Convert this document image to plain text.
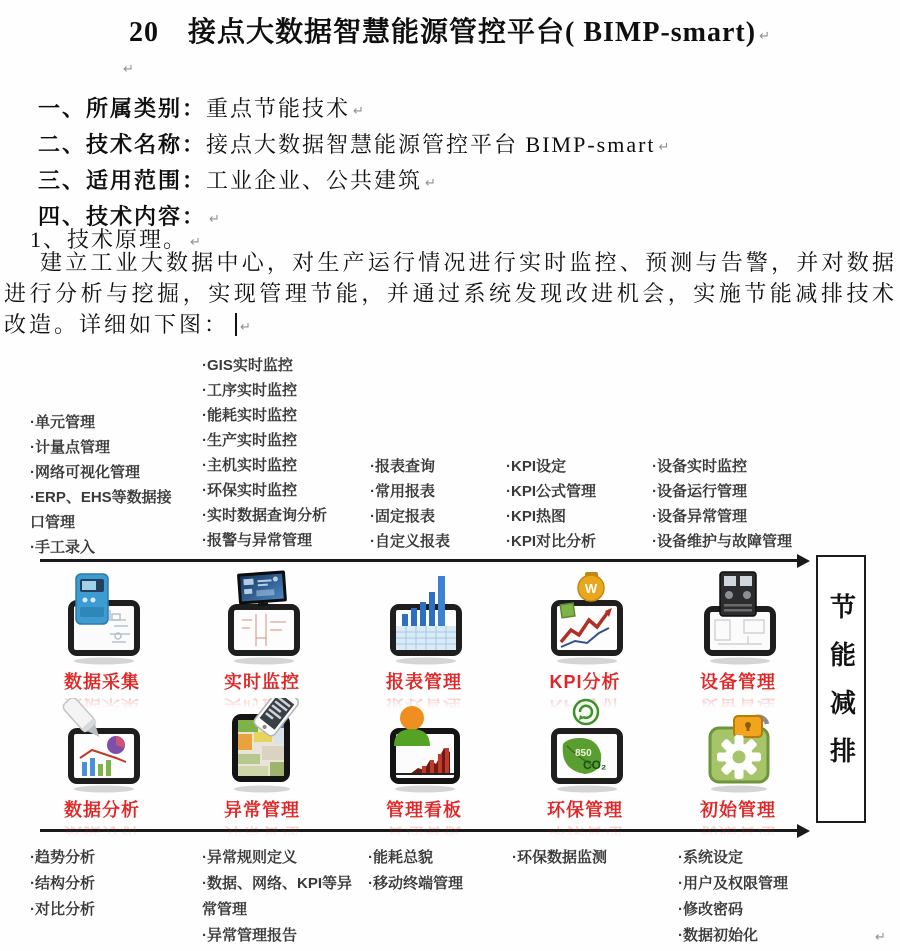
20　接点大数据智慧能源管控平台( BIMP-smart) ↵
↵
一、所属类别：重点节能技术 ↵
二、技术名称：接点大数据智慧能源管控平台 BIMP-smart ↵
三、适用范围：工业企业、公共建筑 ↵
四、技术内容： ↵
1、技术原理。 ↵
建立工业大数据中心，对生产运行情况进行实时监控、预测与告警，并对数据进行分析与挖掘，实现管理节能，并通过系统发现改进机会，实施节能减排技术改造。详细如下图： ↵
·单元管理
·计量点管理
·网络可视化管理
·ERP、EHS等数据接口管理
·手工录入
·GIS实时监控
·工序实时监控
·能耗实时监控
·生产实时监控
·主机实时监控
·环保实时监控
·实时数据查询分析
·报警与异常管理
·报表查询
·常用报表
·固定报表
·自定义报表
·KPI设定
·KPI公式管理
·KPI热图
·KPI对比分析
·设备实时监控
·设备运行管理
·设备异常管理
·设备维护与故障管理
节能减排
数据采集	实时监控	报表管理
W
KPI分析	设备管理
数据分析	异常管理	管理看板
850
CO₂
环保管理	初始管理
·趋势分析
·结构分析
·对比分析
·异常规则定义
·数据、网络、KPI等异常管理
·异常管理报告
·能耗总貌
·移动终端管理
·环保数据监测	·系统设定
·用户及权限管理
·修改密码
·数据初始化	↵
